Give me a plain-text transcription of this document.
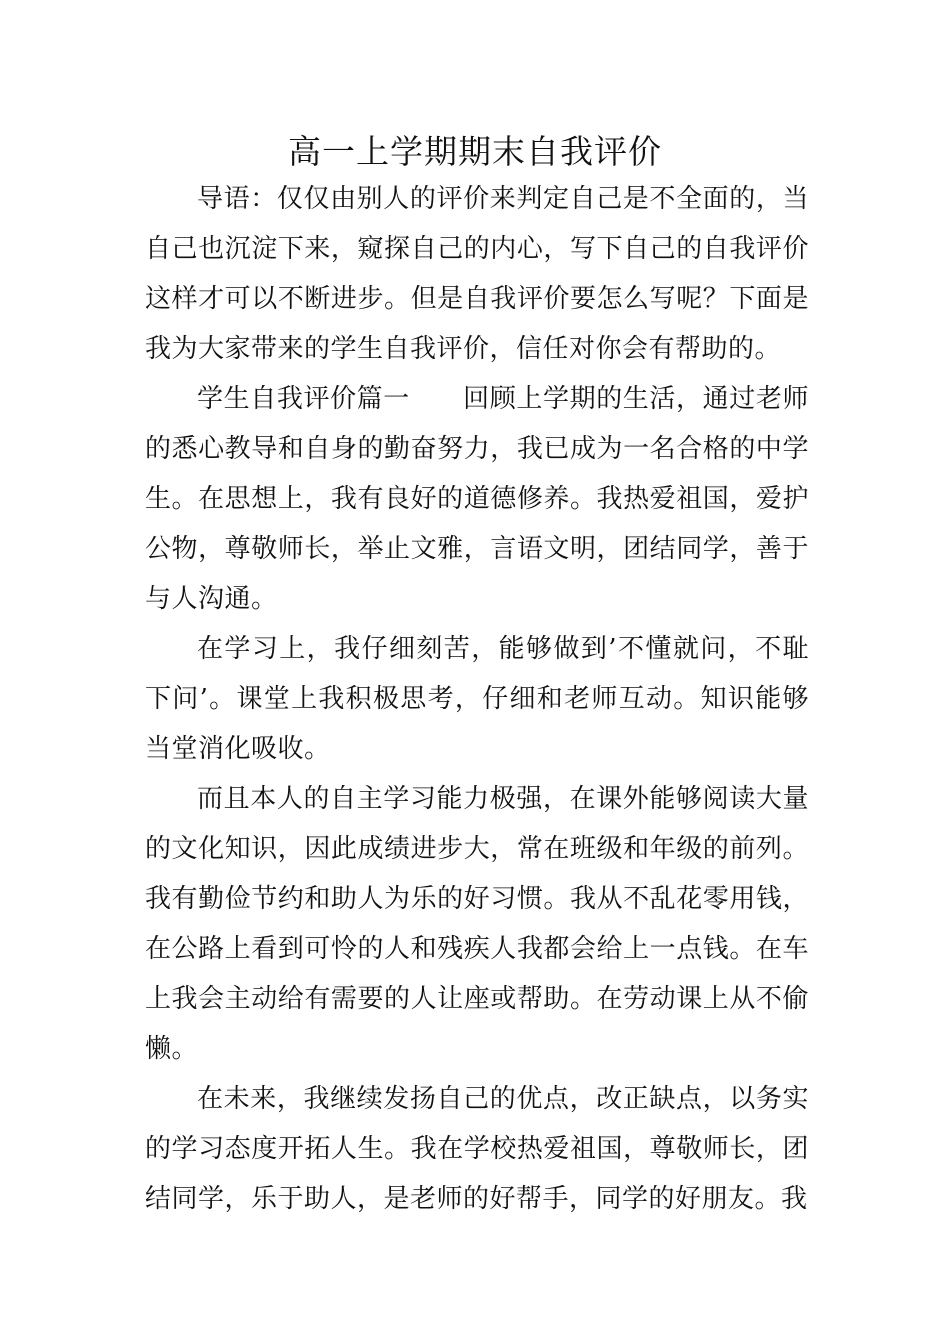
高一上学期期末自我评价

导语：仅仅由别人的评价来判定自己是不全面的，当自己也沉淀下来，窥探自己的内心，写下自己的自我评价这样才可以不断进步。但是自我评价要怎么写呢？下面是我为大家带来的学生自我评价，信任对你会有帮助的。

学生自我评价篇一　　回顾上学期的生活，通过老师的悉心教导和自身的勤奋努力，我已成为一名合格的中学生。在思想上，我有良好的道德修养。我热爱祖国，爱护公物，尊敬师长，举止文雅，言语文明，团结同学，善于与人沟通。

在学习上，我仔细刻苦，能够做到’不懂就问，不耻下问’。课堂上我积极思考，仔细和老师互动。知识能够当堂消化吸收。

而且本人的自主学习能力极强，在课外能够阅读大量的文化知识，因此成绩进步大，常在班级和年级的前列。我有勤俭节约和助人为乐的好习惯。我从不乱花零用钱，在公路上看到可怜的人和残疾人我都会给上一点钱。在车上我会主动给有需要的人让座或帮助。在劳动课上从不偷懒。

在未来，我继续发扬自己的优点，改正缺点，以务实的学习态度开拓人生。我在学校热爱祖国，尊敬师长，团结同学，乐于助人，是老师的好帮手，同学的好朋友。我
